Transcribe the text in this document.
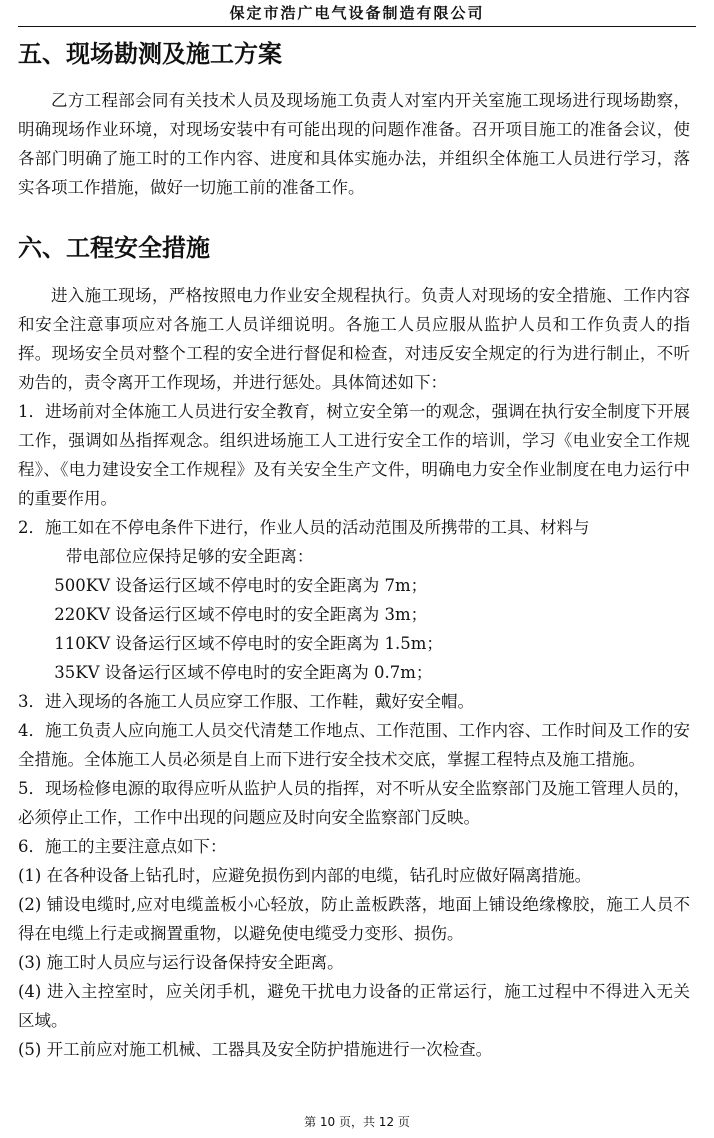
保定市浩广电气设备制造有限公司
五、现场勘测及施工方案

乙方工程部会同有关技术人员及现场施工负责人对室内开关室施工现场进行现场勘察，明确现场作业环境，对现场安装中有可能出现的问题作准备。召开项目施工的准备会议，使各部门明确了施工时的工作内容、进度和具体实施办法，并组织全体施工人员进行学习，落实各项工作措施，做好一切施工前的准备工作。

六、工程安全措施

进入施工现场，严格按照电力作业安全规程执行。负责人对现场的安全措施、工作内容和安全注意事项应对各施工人员详细说明。各施工人员应服从监护人员和工作负责人的指挥。现场安全员对整个工程的安全进行督促和检查，对违反安全规定的行为进行制止，不听劝告的，责令离开工作现场，并进行惩处。具体简述如下：

1．进场前对全体施工人员进行安全教育，树立安全第一的观念，强调在执行安全制度下开展工作，强调如丛指挥观念。组织进场施工人工进行安全工作的培训，学习《电业安全工作规程》、《电力建设安全工作规程》及有关安全生产文件，明确电力安全作业制度在电力运行中的重要作用。

2．施工如在不停电条件下进行，作业人员的活动范围及所携带的工具、材料与

带电部位应保持足够的安全距离：

500KV 设备运行区域不停电时的安全距离为 7m；

220KV 设备运行区域不停电时的安全距离为 3m；

110KV 设备运行区域不停电时的安全距离为 1.5m；

35KV 设备运行区域不停电时的安全距离为 0.7m；

3．进入现场的各施工人员应穿工作服、工作鞋，戴好安全帽。

4．施工负责人应向施工人员交代清楚工作地点、工作范围、工作内容、工作时间及工作的安全措施。全体施工人员必须是自上而下进行安全技术交底，掌握工程特点及施工措施。

5．现场检修电源的取得应听从监护人员的指挥，对不听从安全监察部门及施工管理人员的，必须停止工作，工作中出现的问题应及时向安全监察部门反映。

6．施工的主要注意点如下：

(1) 在各种设备上钻孔时，应避免损伤到内部的电缆，钻孔时应做好隔离措施。

(2) 铺设电缆时,应对电缆盖板小心轻放，防止盖板跌落，地面上铺设绝缘橡胶，施工人员不得在电缆上行走或搁置重物，以避免使电缆受力变形、损伤。

(3) 施工时人员应与运行设备保持安全距离。

(4) 进入主控室时，应关闭手机，避免干扰电力设备的正常运行，施工过程中不得进入无关区域。

(5) 开工前应对施工机械、工器具及安全防护措施进行一次检查。

第 10 页，共 12 页
